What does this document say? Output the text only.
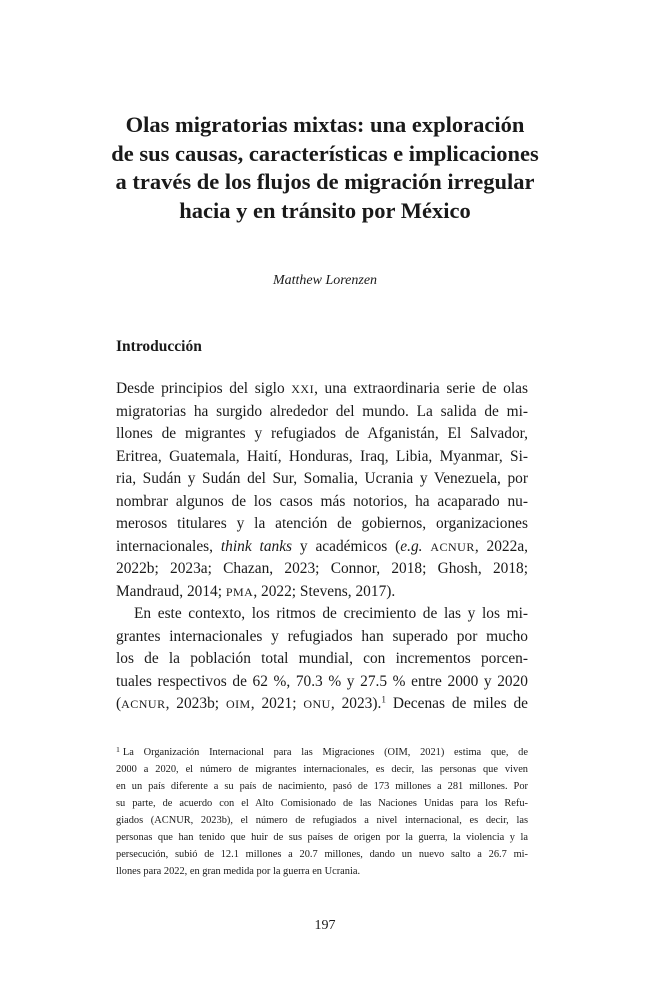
Olas migratorias mixtas: una exploración
de sus causas, características e implicaciones
a través de los flujos de migración irregular
hacia y en tránsito por México

Matthew Lorenzen

Introducción
Desde principios del siglo XXI, una extraordinaria serie de olas
migratorias ha surgido alrededor del mundo. La salida de mi-
llones de migrantes y refugiados de Afganistán, El Salvador,
Eritrea, Guatemala, Haití, Honduras, Iraq, Libia, Myanmar, Si-
ria, Sudán y Sudán del Sur, Somalia, Ucrania y Venezuela, por
nombrar algunos de los casos más notorios, ha acaparado nu-
merosos titulares y la atención de gobiernos, organizaciones
internacionales, think tanks y académicos (e.g. ACNUR, 2022a,
2022b; 2023a; Chazan, 2023; Connor, 2018; Ghosh, 2018;
Mandraud, 2014; PMA, 2022; Stevens, 2017).
En este contexto, los ritmos de crecimiento de las y los mi-
grantes internacionales y refugiados han superado por mucho
los de la población total mundial, con incrementos porcen-
tuales respectivos de 62 %, 70.3 % y 27.5 % entre 2000 y 2020
(ACNUR, 2023b; OIM, 2021; ONU, 2023).$^1$ Decenas de miles de
$^1$ La Organización Internacional para las Migraciones (OIM, 2021) estima que, de
2000 a 2020, el número de migrantes internacionales, es decir, las personas que viven
en un país diferente a su país de nacimiento, pasó de 173 millones a 281 millones. Por
su parte, de acuerdo con el Alto Comisionado de las Naciones Unidas para los Refu-
giados (ACNUR, 2023b), el número de refugiados a nivel internacional, es decir, las
personas que han tenido que huir de sus países de origen por la guerra, la violencia y la
persecución, subió de 12.1 millones a 20.7 millones, dando un nuevo salto a 26.7 mi-
llones para 2022, en gran medida por la guerra en Ucrania.

197
